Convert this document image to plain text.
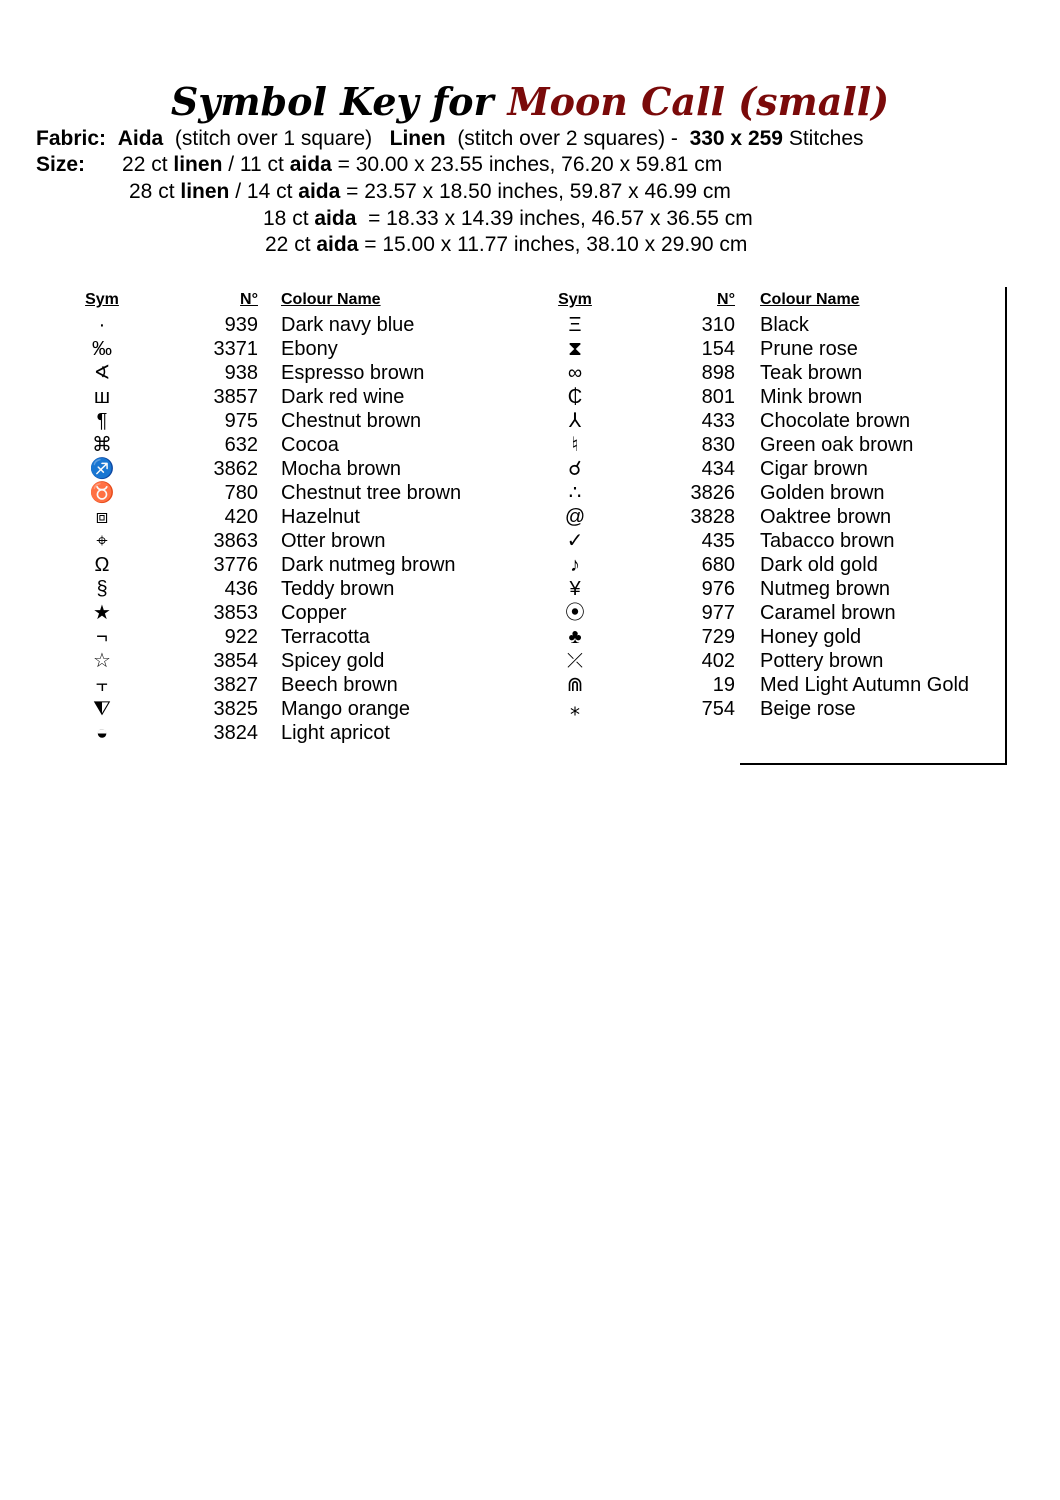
Symbol Key for Moon Call (small)
Fabric: Aida (stitch over 1 square) Linen (stitch over 2 squares) - 330 x 259 Stitches
Size: 22 ct linen / 11 ct aida = 30.00 x 23.55 inches, 76.20 x 59.81 cm
28 ct linen / 14 ct aida = 23.57 x 18.50 inches, 59.87 x 46.99 cm
18 ct aida  = 18.33 x 14.39 inches, 46.57 x 36.55 cm
22 ct aida = 15.00 x 11.77 inches, 38.10 x 29.90 cm
Sym	N° Colour Name
·	939 Dark navy blue
‰	3371 Ebony
∢	938 Espresso brown
ш	3857 Dark red wine
¶	975 Chestnut brown
⌘	632 Cocoa
♐	3862 Mocha brown
♉	780 Chestnut tree brown
⧈	420 Hazelnut
⌖	3863 Otter brown
Ω	3776 Dark nutmeg brown
§	436 Teddy brown
★	3853 Copper
¬	922 Terracotta
☆	3854 Spicey gold
⫟	3827 Beech brown
⧨	3825 Mango orange
◒	3824 Light apricot
Sym	N° Colour Name
Ξ	310 Black
⧗	154 Prune rose
∞	898 Teak brown
₵	801 Mink brown
⅄	433 Chocolate brown
♮	830 Green oak brown
☌	434 Cigar brown
∴	3826 Golden brown
@	3828 Oaktree brown
✓	435 Tabacco brown
♪	680 Dark old gold
¥	976 Nutmeg brown
⦿	977 Caramel brown
♣	729 Honey gold
⤫	402 Pottery brown
⋒	19 Med Light Autumn Gold
⁎	754 Beige rose
